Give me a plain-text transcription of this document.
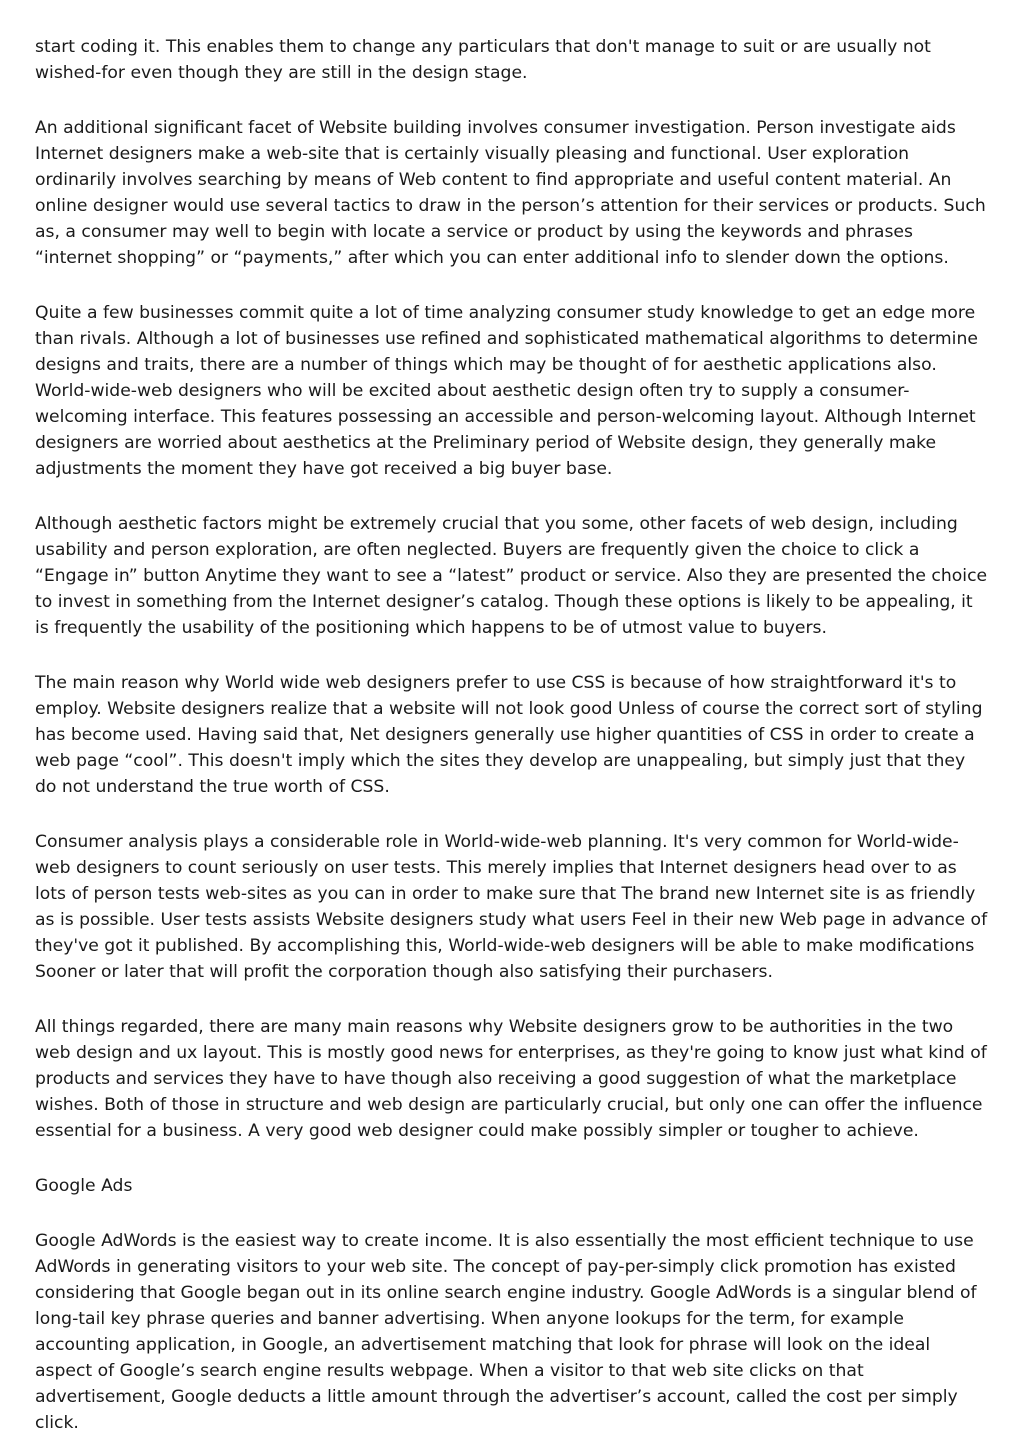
start coding it. This enables them to change any particulars that don't manage to suit or are usually not wished-for even though they are still in the design stage.

An additional significant facet of Website building involves consumer investigation. Person investigate aids Internet designers make a web-site that is certainly visually pleasing and functional. User exploration ordinarily involves searching by means of Web content to find appropriate and useful content material. An online designer would use several tactics to draw in the person’s attention for their services or products. Such as, a consumer may well to begin with locate a service or product by using the keywords and phrases “internet shopping” or “payments,” after which you can enter additional info to slender down the options.

Quite a few businesses commit quite a lot of time analyzing consumer study knowledge to get an edge more than rivals. Although a lot of businesses use refined and sophisticated mathematical algorithms to determine designs and traits, there are a number of things which may be thought of for aesthetic applications also. World-wide-web designers who will be excited about aesthetic design often try to supply a consumer-welcoming interface. This features possessing an accessible and person-welcoming layout. Although Internet designers are worried about aesthetics at the Preliminary period of Website design, they generally make adjustments the moment they have got received a big buyer base.

Although aesthetic factors might be extremely crucial that you some, other facets of web design, including usability and person exploration, are often neglected. Buyers are frequently given the choice to click a “Engage in” button Anytime they want to see a “latest” product or service. Also they are presented the choice to invest in something from the Internet designer’s catalog. Though these options is likely to be appealing, it is frequently the usability of the positioning which happens to be of utmost value to buyers.

The main reason why World wide web designers prefer to use CSS is because of how straightforward it's to employ. Website designers realize that a website will not look good Unless of course the correct sort of styling has become used. Having said that, Net designers generally use higher quantities of CSS in order to create a web page “cool”. This doesn't imply which the sites they develop are unappealing, but simply just that they do not understand the true worth of CSS.

Consumer analysis plays a considerable role in World-wide-web planning. It's very common for World-wide-web designers to count seriously on user tests. This merely implies that Internet designers head over to as lots of person tests web-sites as you can in order to make sure that The brand new Internet site is as friendly as is possible. User tests assists Website designers study what users Feel in their new Web page in advance of they've got it published. By accomplishing this, World-wide-web designers will be able to make modifications Sooner or later that will profit the corporation though also satisfying their purchasers.

All things regarded, there are many main reasons why Website designers grow to be authorities in the two web design and ux layout. This is mostly good news for enterprises, as they're going to know just what kind of products and services they have to have though also receiving a good suggestion of what the marketplace wishes. Both of those in structure and web design are particularly crucial, but only one can offer the influence essential for a business. A very good web designer could make possibly simpler or tougher to achieve.

Google Ads

Google AdWords is the easiest way to create income. It is also essentially the most efficient technique to use AdWords in generating visitors to your web site. The concept of pay-per-simply click promotion has existed considering that Google began out in its online search engine industry. Google AdWords is a singular blend of long-tail key phrase queries and banner advertising. When anyone lookups for the term, for example accounting application, in Google, an advertisement matching that look for phrase will look on the ideal aspect of Google’s search engine results webpage. When a visitor to that web site clicks on that advertisement, Google deducts a little amount through the advertiser’s account, called the cost per simply click.
